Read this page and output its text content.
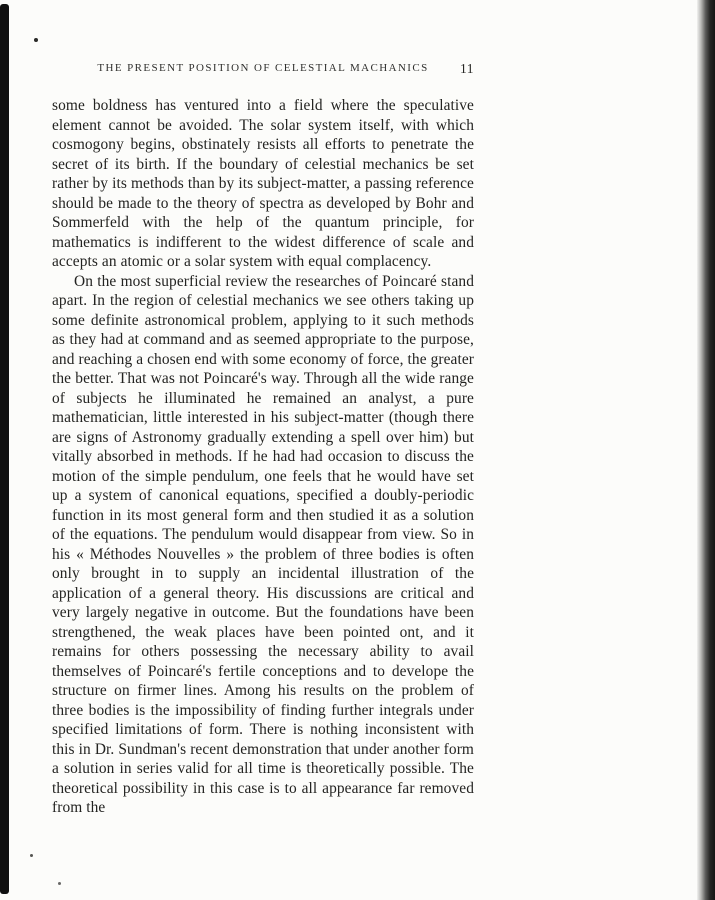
THE PRESENT POSITION OF CELESTIAL MACHANICS	11

some boldness has ventured into a field where the speculative element cannot be avoided. The solar system itself, with which cosmogony begins, obstinately resists all efforts to penetrate the secret of its birth. If the boundary of celestial mechanics be set rather by its methods than by its subject-matter, a passing reference should be made to the theory of spectra as developed by Bohr and Sommerfeld with the help of the quantum principle, for mathematics is indifferent to the widest difference of scale and accepts an atomic or a solar system with equal complacency.

On the most superficial review the researches of Poincaré stand apart. In the region of celestial mechanics we see others taking up some definite astronomical problem, applying to it such methods as they had at command and as seemed appropriate to the purpose, and reaching a chosen end with some economy of force, the greater the better. That was not Poincaré's way. Through all the wide range of subjects he illuminated he remained an analyst, a pure mathematician, little interested in his subject-matter (though there are signs of Astronomy gradually extending a spell over him) but vitally absorbed in methods. If he had had occasion to discuss the motion of the simple pendulum, one feels that he would have set up a system of canonical equations, specified a doubly-periodic function in its most general form and then studied it as a solution of the equations. The pendulum would disappear from view. So in his « Méthodes Nouvelles » the problem of three bodies is often only brought in to supply an incidental illustration of the application of a general theory. His discussions are critical and very largely negative in outcome. But the foundations have been strengthened, the weak places have been pointed ont, and it remains for others possessing the necessary ability to avail themselves of Poincaré's fertile conceptions and to develope the structure on firmer lines. Among his results on the problem of three bodies is the impossibility of finding further integrals under specified limitations of form. There is nothing inconsistent with this in Dr. Sundman's recent demonstration that under another form a solution in series valid for all time is theoretically possible. The theoretical possibility in this case is to all appearance far removed from the
